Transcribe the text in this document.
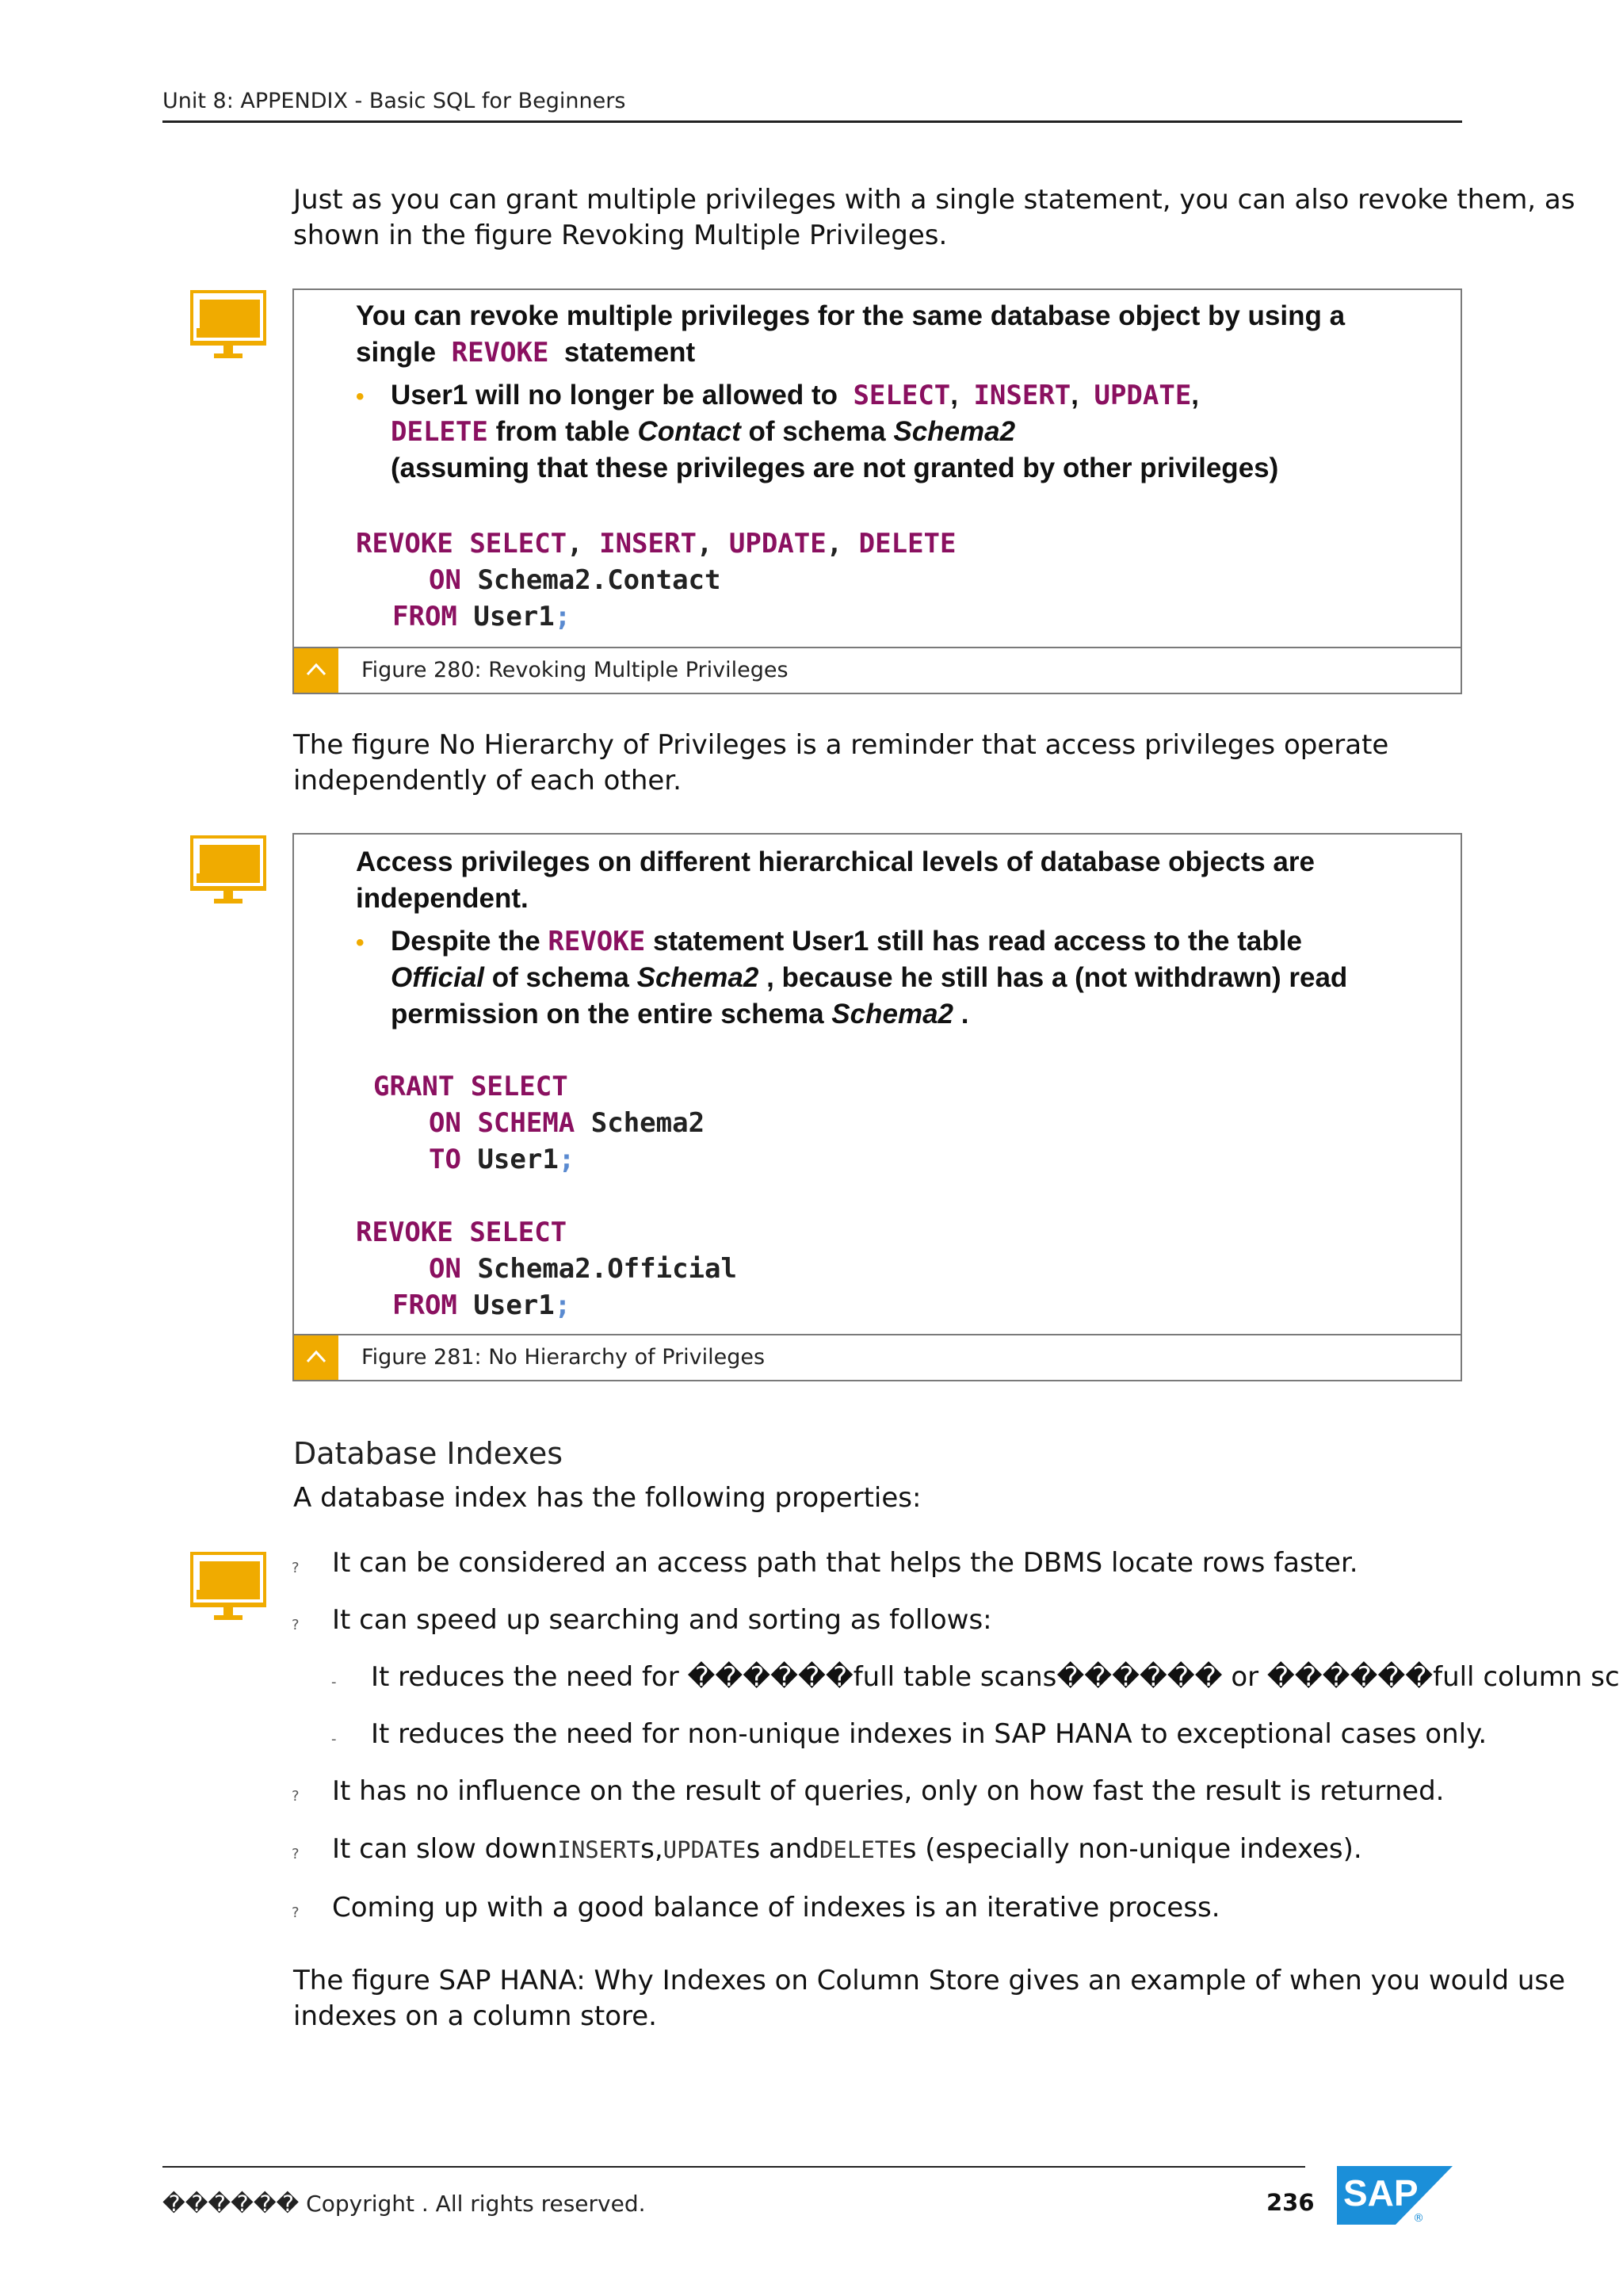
Unit 8: APPENDIX - Basic SQL for Beginners
Just as you can grant multiple privileges with a single statement, you can also revoke them, as
shown in the figure Revoking Multiple Privileges.
You can revoke multiple privileges for the same database object by using a
single REVOKE statement
• User1 will no longer be allowed to SELECT,  INSERT,  UPDATE,
DELETE from table Contact of schema Schema2
(assuming that these privileges are not granted by other privileges)
REVOKE SELECT, INSERT, UPDATE, DELETE
ON Schema2.Contact
FROM User1;
Figure 280: Revoking Multiple Privileges
The figure No Hierarchy of Privileges is a reminder that access privileges operate
independently of each other.
Access privileges on different hierarchical levels of database objects are
independent.
• Despite the REVOKE statement User1 still has read access to the table
Official of schema Schema2 , because he still has a (not withdrawn) read
permission on the entire schema Schema2 .
GRANT SELECT
ON SCHEMA Schema2
TO User1;
REVOKE SELECT
ON Schema2.Official
FROM User1;
Figure 281: No Hierarchy of Privileges
Database Indexes
A database index has the following properties:
? It can be considered an access path that helps the DBMS locate rows faster.
? It can speed up searching and sorting as follows:
- It reduces the need for ������full table scans������ or ������full column sc
- It reduces the need for non-unique indexes in SAP HANA to exceptional cases only.
? It has no influence on the result of queries, only on how fast the result is returned.
? It can slow downINSERTs,UPDATEs andDELETEs (especially non-unique indexes).
? Coming up with a good balance of indexes is an iterative process.
The figure SAP HANA: Why Indexes on Column Store gives an example of when you would use
indexes on a column store.
������ Copyright . All rights reserved.	236 SAP
®
